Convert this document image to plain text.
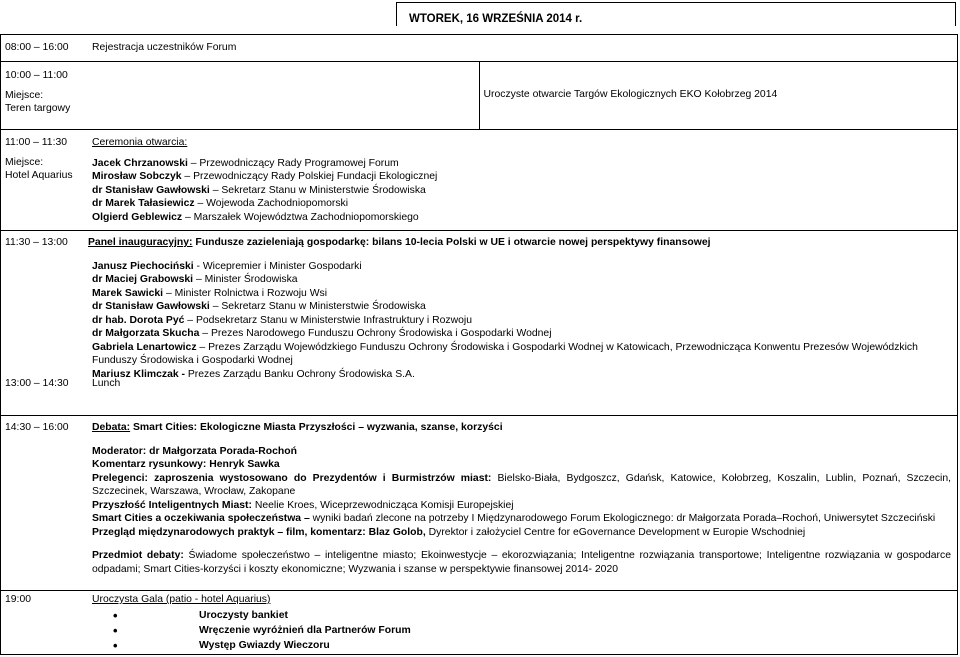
WTOREK, 16 WRZEŚNIA 2014 r.
08:00 – 16:00 Rejestracja uczestników Forum

10:00 – 11:00
Miejsce:
Teren targowy

Uroczyste otwarcie Targów Ekologicznych EKO Kołobrzeg 2014

11:00 – 11:30
Miejsce:
Hotel Aquarius
Ceremonia otwarcia:
Jacek Chrzanowski – Przewodniczący Rady Programowej Forum
Mirosław Sobczyk – Przewodniczący Rady Polskiej Fundacji Ekologicznej
dr Stanisław Gawłowski – Sekretarz Stanu w Ministerstwie Środowiska
dr Marek Tałasiewicz – Wojewoda Zachodniopomorski
Olgierd Geblewicz – Marszałek Województwa Zachodniopomorskiego

11:30 – 13:00	Panel inauguracyjny: Fundusze zazieleniają gospodarkę: bilans 10-lecia Polski w UE i otwarcie nowej perspektywy finansowej
Janusz Piechociński - Wicepremier i Minister Gospodarki
dr Maciej Grabowski – Minister Środowiska
Marek Sawicki – Minister Rolnictwa i Rozwoju Wsi
dr Stanisław Gawłowski – Sekretarz Stanu w Ministerstwie Środowiska
dr hab. Dorota Pyć – Podsekretarz Stanu w Ministerstwie Infrastruktury i Rozwoju
dr Małgorzata Skucha – Prezes Narodowego Funduszu Ochrony Środowiska i Gospodarki Wodnej
Gabriela Lenartowicz – Prezes Zarządu Wojewódzkiego Funduszu Ochrony Środowiska i Gospodarki Wodnej w Katowicach, Przewodnicząca Konwentu Prezesów Wojewódzkich Funduszy Środowiska i Gospodarki Wodnej
Mariusz Klimczak - Prezes Zarządu Banku Ochrony Środowiska S.A.
13:00 – 14:30	Lunch

14:30 – 16:00	Debata: Smart Cities: Ekologiczne Miasta Przyszłości – wyzwania, szanse, korzyści
Moderator: dr Małgorzata Porada-Rochoń
Komentarz rysunkowy: Henryk Sawka
Prelegenci: zaproszenia wystosowano do Prezydentów i Burmistrzów miast: Bielsko-Biała, Bydgoszcz, Gdańsk, Katowice, Kołobrzeg, Koszalin, Lublin, Poznań, Szczecin, Szczecinek, Warszawa, Wrocław, Zakopane
Przyszłość Inteligentnych Miast: Neelie Kroes, Wiceprzewodnicząca Komisji Europejskiej
Smart Cities a oczekiwania społeczeństwa – wyniki badań zlecone na potrzeby I Międzynarodowego Forum Ekologicznego: dr Małgorzata Porada–Rochoń, Uniwersytet Szczeciński
Przegląd międzynarodowych praktyk – film, komentarz: Blaz Golob, Dyrektor i założyciel Centre for eGovernance Development w Europie Wschodniej
Przedmiot debaty: Świadome społeczeństwo – inteligentne miasto; Ekoinwestycje – ekorozwiązania; Inteligentne rozwiązania transportowe; Inteligentne rozwiązania w gospodarce odpadami; Smart Cities-korzyści i koszty ekonomiczne; Wyzwania i szanse w perspektywie finansowej 2014- 2020

19:00	Uroczysta Gala (patio - hotel Aquarius)
• Uroczysty bankiet
• Wręczenie wyróżnień dla Partnerów Forum
• Występ Gwiazdy Wieczoru
